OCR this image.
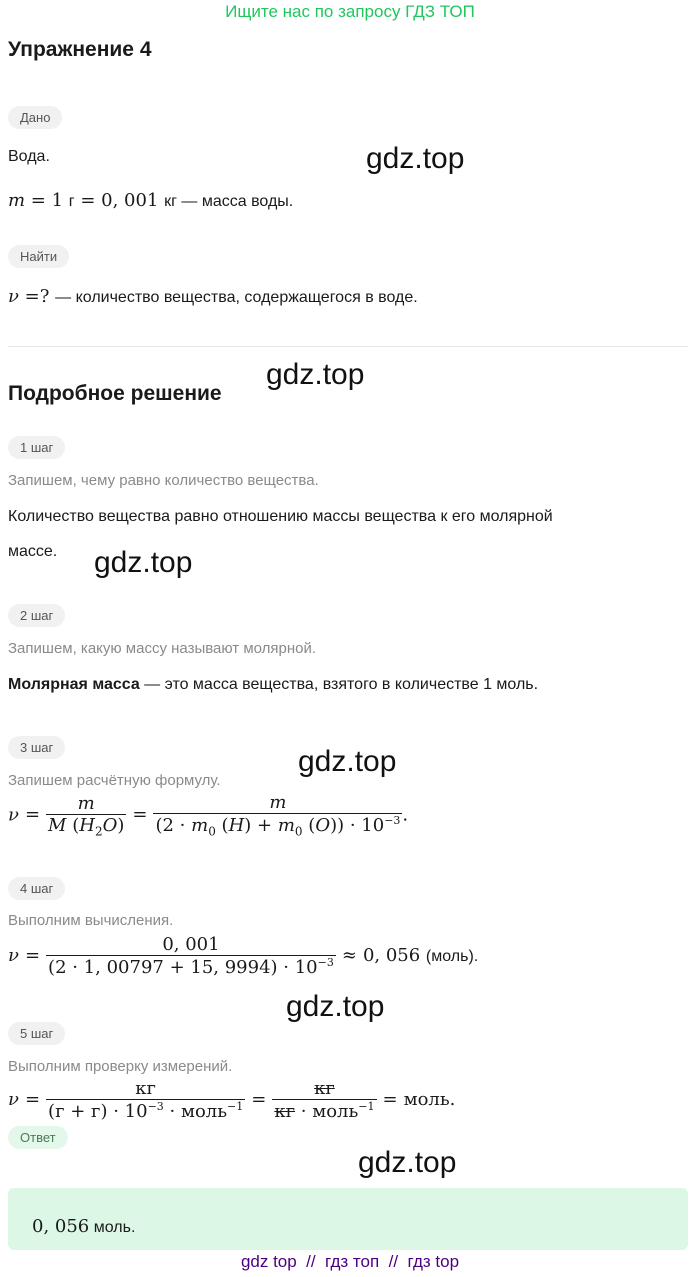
Ищите нас по запросу ГДЗ ТОП
Упражнение 4
Дано
Вода.
m = 1 г = 0, 001 кг — масса воды.
Найти
ν =? — количество вещества, содержащегося в воде.
Подробное решение
1 шаг
Запишем, чему равно количество вещества.
Количество вещества равно отношению массы вещества к его молярной
массе.
2 шаг
Запишем, какую массу называют молярной.
Молярная масса — это масса вещества, взятого в количестве 1 моль.
3 шаг
Запишем расчётную формулу.
$\nu = \frac{m}{M (H_2O)} = \frac{m}{(2 \cdot m_0 (H) + m_0 (O)) \cdot 10^{-3}}$ .
4 шаг
Выполним вычисления.
$\nu = \frac{0, 001}{(2 \cdot 1, 00797 + 15, 9994) \cdot 10^{-3}} \approx 0$, 056 (моль).
5 шаг
Выполним проверку измерений.
$\nu = \frac{кг}{(г + г) \cdot 10^{-3} \cdot моль^{-1}} = \frac{кг}{кг \cdot моль^{-1}}$ = моль.
Ответ
0, 056 моль.
gdz.top
gdz.top
gdz.top
gdz.top
gdz.top
gdz.top
gdz top  //  гдз топ  //  гдз top
